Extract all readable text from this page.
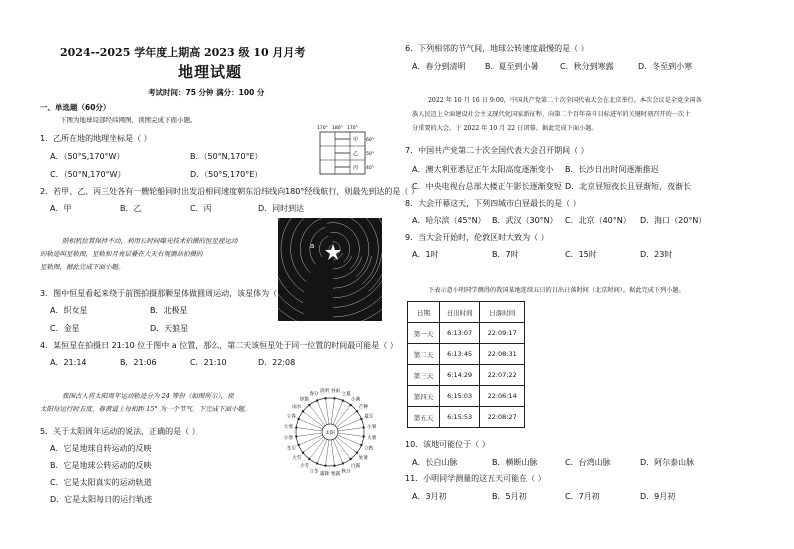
2024--2025 学年度上期高 2023 级 10 月月考
地理试题
考试时间：75 分钟 满分：100 分
一、单选题（60分）
下图为地球局部经纬网图，读图完成下面小题。
1．乙所在地的地理坐标是（ ）
A．（50°S,170°W）	B．（50°N,170°E）
C．（50°N,170°W）	D．（50°S,170°E）
170° 180° 170°
60°
50°
40°
甲
乙
丙
2．若甲、乙、丙三处各有一艘轮船同时出发沿相同速度朝东沿纬线向180°经线航行，则最先到达的是（ ）
A．甲	B．乙	C．丙	D．同时到达
照相机位置保持不动，利用长时间曝光技术拍摄的恒星视运动
的轨迹叫星轨图，星轨和月亮层叠在大天右观测站拍摄的
星轨图，据此完成下面小题。
a
3．图中恒星看起来绕于前图拍摄那颗星体做圆周运动，该星体为（ ）
A．织女星	B．北极星
C．金星	D．天狼星
4．某恒星在拍摄日 21:10 位于图中 a 位置，那么，第二天该恒星处于同一位置的时间最可能是（ ）
A．21:14	B．21:06	C．21:10	D．22:08
我国古人将太阳周年运动轨迹分为 24 等份（如图所示），视
太阳每运行时五度，春黄道上每相距 15° 为一个节气。下完成下面小题。
清明 谷雨
立夏
小满
芒种
夏至
小暑
大暑
立秋
处暑
白露
秋分
寒露
霜降
立冬
小雪
大雪
冬至
小寒
大寒
立春
雨水
惊蛰
春分
太阳
5．关于太阳周年运动的说法，正确的是（ ）
A．它是地球自转运动的反映
B．它是地球公转运动的反映
C．它是太阳真实的运动轨道
D．它是太阳每日的运行轨迹
6．下列相邻的节气间，地球公转速度最慢的是（ ）
A．春分到清明 B．夏至到小暑	C．秋分到寒露	D．冬至到小寒
2022 年 10 月 16 日 9:00，中国共产党第二十次全国代表大会在北京举行。本次会议是全党全国各
族人民迈上全面建设社会主义现代化国家新征程、向第二个百年奋斗目标进军的关键时刻召开的一次十
分重要的大会。于 2022 年 10 月 22 日闭幕。据此完成下面小题。
7．中国共产党第二十次全国代表大会召开期间（ ）
A．澳大利亚悉尼正午太阳高度逐渐变小 B．长沙日出时间逐渐推迟
C．中央电视台总部大楼正午影长逐渐变短 D．北京昼短夜长且昼渐短，夜渐长
8．大会开幕这天，下列四城市白昼最长的是（ ）
A．哈尔滨（45°N） B．武汉（30°N） C．北京（40°N） D．海口（20°N）
9．当大会开始时，伦敦区时大致为（ ）
A．1时	B．7时	C．15时	D．23时
下表示意小明同学测得的我国某地连续五日的日出日落时间（北京时间）。据此完成下列小题。
日期	日出时间	日落时间
第一天	6:13:07	22:09:17
第二天	6:13:45	22:08:31
第三天	6:14:29	22:07:22
第四天	6:15:03	22:06:14
第五天	6:15:53	22:08:27
10．该地可能位于（ ）
A．长白山脉	B．横断山脉	C．台湾山脉	D．阿尔泰山脉
11．小明同学测量的这五天可能在（ ）
A．3月初	B．5月初	C．7月初	D．9月初
